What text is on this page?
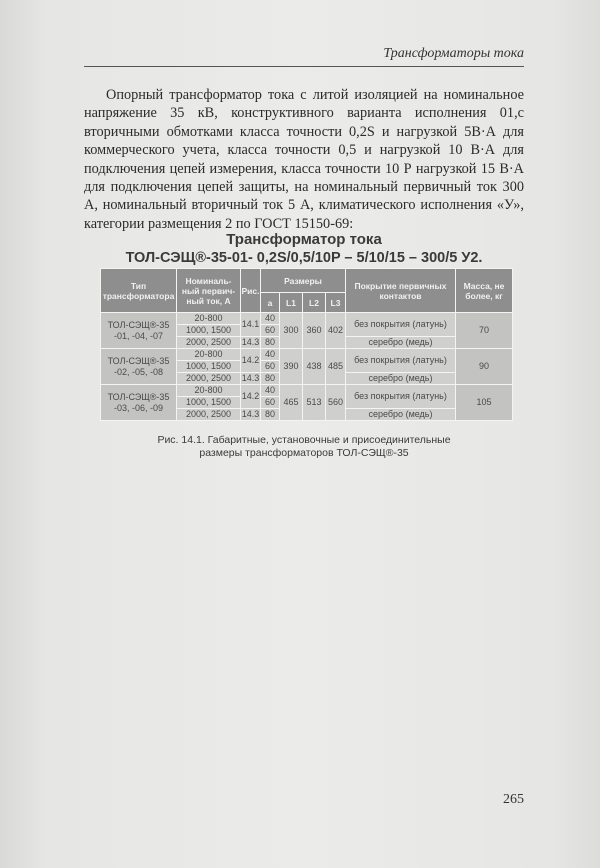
Трансформаторы тока

Опорный трансформатор тока с литой изоляцией на номинальное напряжение 35 кВ, конструктивного варианта исполнения 01,с вторичными обмотками класса точности 0,2S и нагрузкой 5В·А для коммерческого учета, класса точности 0,5 и нагрузкой 10 В·А для подключения цепей измерения, класса точности 10 Р нагрузкой 15 В·А для подключения цепей защиты, на номинальный первичный ток 300 А, номинальный вторичный ток 5 А, климатического исполнения «У», категории размещения 2 по ГОСТ 15150-69:

Трансформатор тока
ТОЛ-СЭЩ®-35-01- 0,2S/0,5/10P – 5/10/15 – 300/5 У2.
Тип трансформатора	Номиналь-ный первич-ный ток, А	Рис.	Размеры				Покрытие первичных контактов	Масса, не более, кг
			a	L1	L2	L3		
ТОЛ-СЭЩ®-35
-01, -04, -07	20-800	14.1	40	300	360	402	без покрытия (латунь)	70
	1000, 1500		60					
	2000, 2500	14.3	80				серебро (медь)	
ТОЛ-СЭЩ®-35
-02, -05, -08	20-800	14.2	40	390	438	485	без покрытия (латунь)	90
	1000, 1500		60					
	2000, 2500	14.3	80				серебро (медь)	
ТОЛ-СЭЩ®-35
-03, -06, -09	20-800	14.2	40	465	513	560	без покрытия (латунь)	105
	1000, 1500		60					
	2000, 2500	14.3	80				серебро (медь)	
Рис. 14.1. Габаритные, установочные и присоединительные
размеры трансформаторов ТОЛ-СЭЩ®-35
265
